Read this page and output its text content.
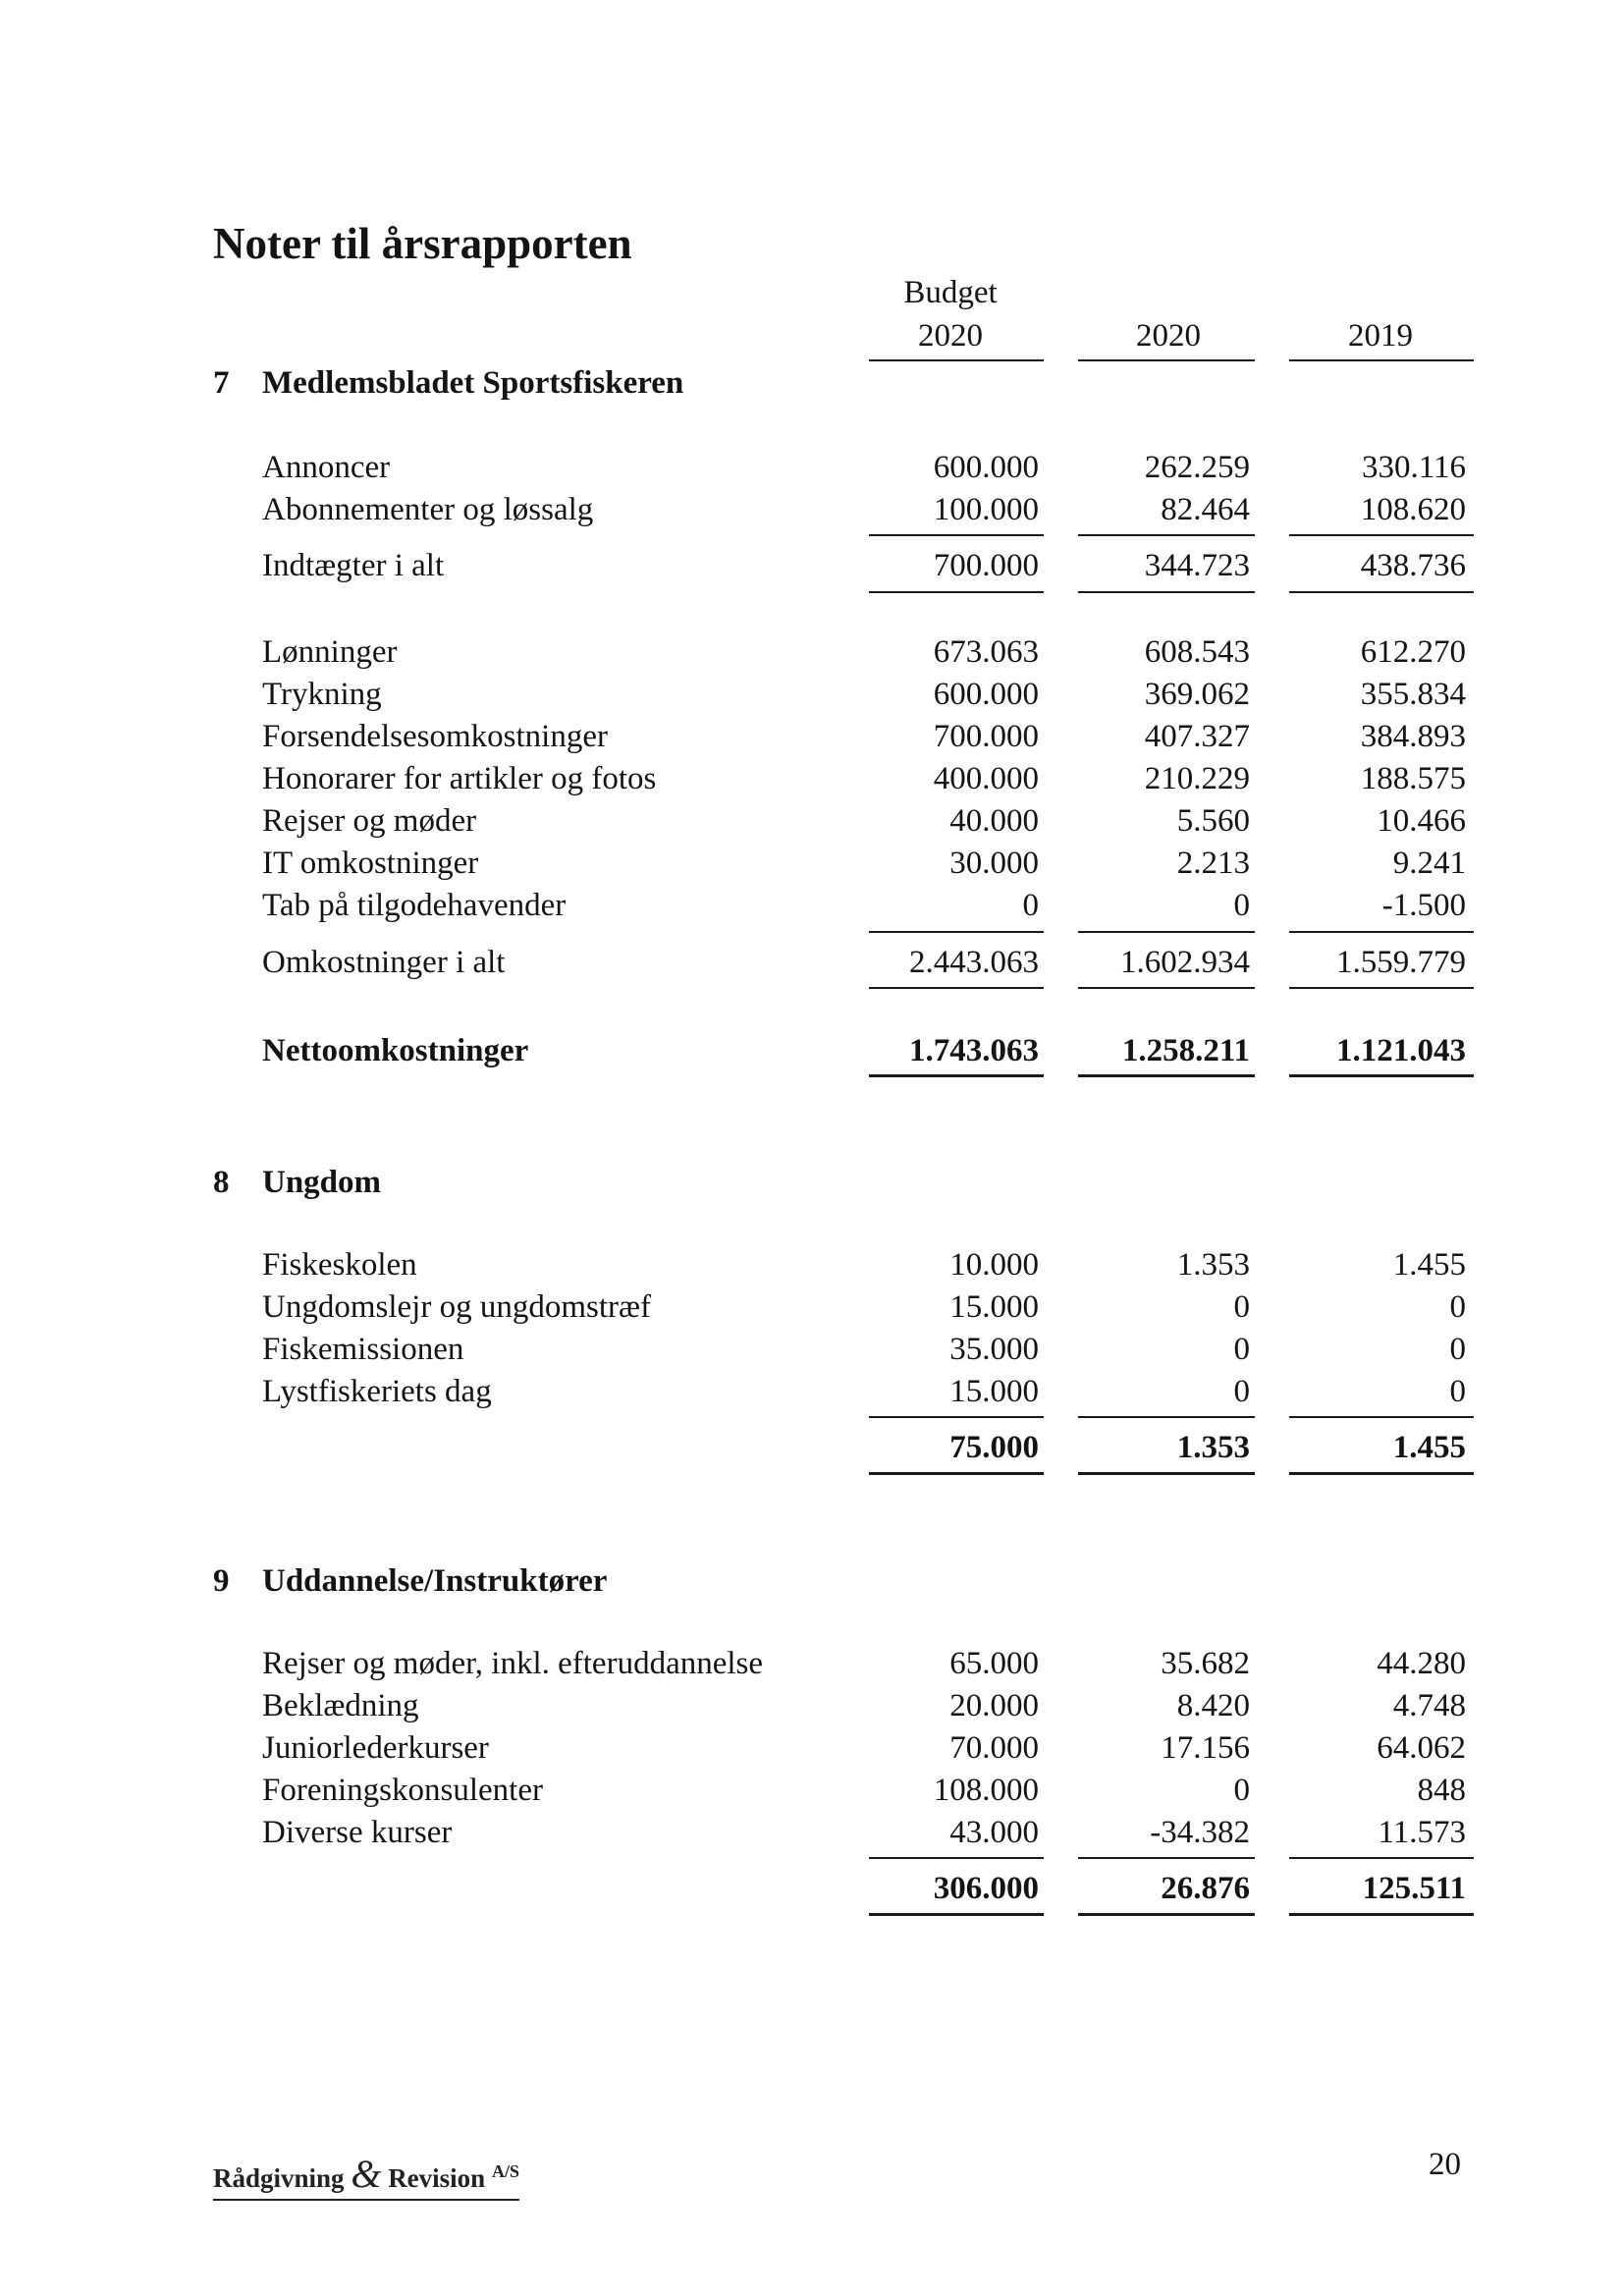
Noter til årsrapporten
Budget
2020	2020	2019
7 Medlemsbladet Sportsfiskeren
Annoncer	600.000	262.259	330.116
Abonnementer og løssalg	100.000	82.464	108.620
Indtægter i alt	700.000	344.723	438.736
Lønninger	673.063	608.543	612.270
Trykning	600.000	369.062	355.834
Forsendelsesomkostninger	700.000	407.327	384.893
Honorarer for artikler og fotos	400.000	210.229	188.575
Rejser og møder	40.000	5.560	10.466
IT omkostninger	30.000	2.213	9.241
Tab på tilgodehavender	0	0	-1.500
Omkostninger i alt	2.443.063	1.602.934	1.559.779
Nettoomkostninger	1.743.063	1.258.211	1.121.043
8 Ungdom
Fiskeskolen	10.000	1.353	1.455
Ungdomslejr og ungdomstræf	15.000	0	0
Fiskemissionen	35.000	0	0
Lystfiskeriets dag	15.000	0	0
75.000	1.353	1.455
9 Uddannelse/Instruktører
Rejser og møder, inkl. efteruddannelse	65.000	35.682	44.280
Beklædning	20.000	8.420	4.748
Juniorlederkurser	70.000	17.156	64.062
Foreningskonsulenter	108.000	0	848
Diverse kurser	43.000	-34.382	11.573
306.000	26.876	125.511
Rådgivning & Revision $^{A/S}$	20
